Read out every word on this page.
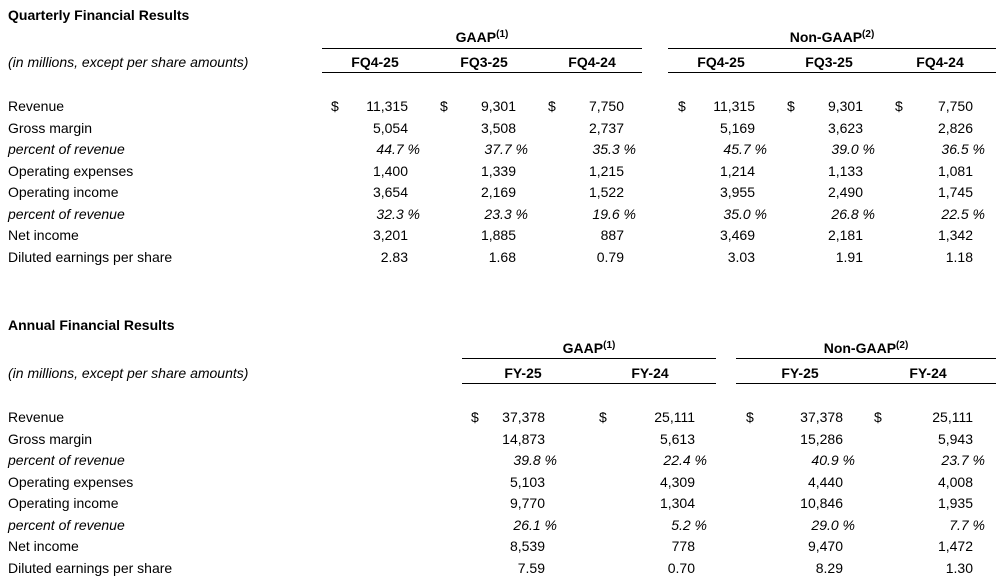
Quarterly Financial Results
GAAP$^{(1)}$	Non-GAAP$^{(2)}$
(in millions, except per share amounts)	FQ4-25	FQ3-25	FQ4-24	FQ4-25	FQ3-25	FQ4-24
Revenue	$	11,315 $	9,301 $	7,750	$	11,315 $	9,301 $	7,750
Gross margin	5,054	3,508	2,737	5,169	3,623	2,826
percent of revenue	44.7 %	37.7 %	35.3 %	45.7 %	39.0 %	36.5 %
Operating expenses	1,400	1,339	1,215	1,214	1,133	1,081
Operating income	3,654	2,169	1,522	3,955	2,490	1,745
percent of revenue	32.3 %	23.3 %	19.6 %	35.0 %	26.8 %	22.5 %
Net income	3,201	1,885	887	3,469	2,181	1,342
Diluted earnings per share	2.83	1.68	0.79	3.03	1.91	1.18
Annual Financial Results
GAAP$^{(1)}$	Non-GAAP$^{(2)}$
(in millions, except per share amounts)	FY-25	FY-24	FY-25	FY-24
Revenue	$	37,378	$	25,111	$	37,378 $	25,111
Gross margin	14,873	5,613	15,286	5,943
percent of revenue	39.8 %	22.4 %	40.9 %	23.7 %
Operating expenses	5,103	4,309	4,440	4,008
Operating income	9,770	1,304	10,846	1,935
percent of revenue	26.1 %	5.2 %	29.0 %	7.7 %
Net income	8,539	778	9,470	1,472
Diluted earnings per share	7.59	0.70	8.29	1.30
